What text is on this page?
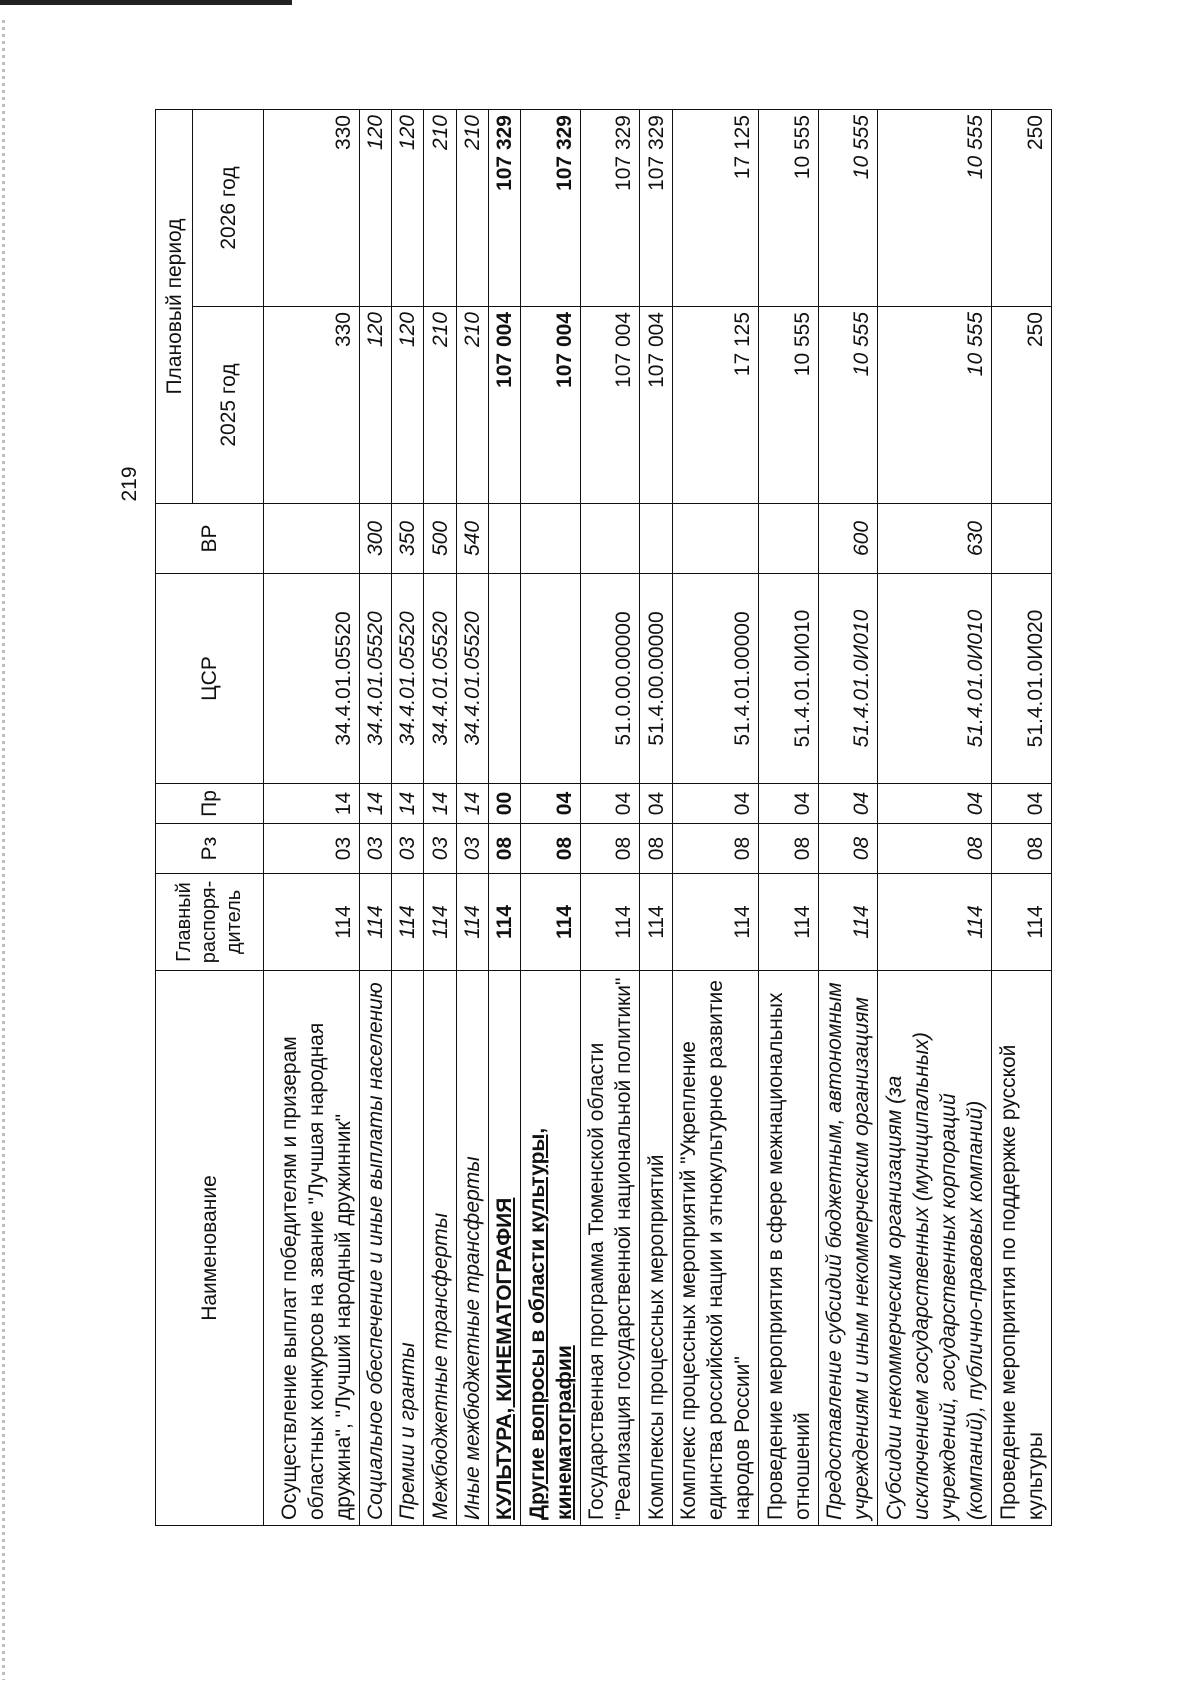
219
Наименование	Главный распоря-дитель	Рз	Пр	ЦСР	ВР	Плановый период	
						2025 год	2026 год
Осуществление выплат победителям и призерам областных конкурсов на звание "Лучшая народная дружина", "Лучший народный дружинник"	114	03	14	34.4.01.05520		330	330
Социальное обеспечение и иные выплаты населению	114	03	14	34.4.01.05520	300	120	120
Премии и гранты	114	03	14	34.4.01.05520	350	120	120
Межбюджетные трансферты	114	03	14	34.4.01.05520	500	210	210
Иные межбюджетные трансферты	114	03	14	34.4.01.05520	540	210	210
КУЛЬТУРА, КИНЕМАТОГРАФИЯ	114	08	00			107 004	107 329
Другие вопросы в области культуры, кинематографии	114	08	04			107 004	107 329
Государственная программа Тюменской области "Реализация государственной национальной политики"	114	08	04	51.0.00.00000		107 004	107 329
Комплексы процессных мероприятий	114	08	04	51.4.00.00000		107 004	107 329
Комплекс процессных мероприятий "Укрепление единства российской нации и этнокультурное развитие народов России"	114	08	04	51.4.01.00000		17 125	17 125
Проведение мероприятия в сфере межнациональных отношений	114	08	04	51.4.01.0И010		10 555	10 555
Предоставление субсидий бюджетным, автономным учреждениям и иным некоммерческим организациям	114	08	04	51.4.01.0И010	600	10 555	10 555
Субсидии некоммерческим организациям (за исключением государственных (муниципальных) учреждений, государственных корпораций (компаний), публично-правовых компаний)	114	08	04	51.4.01.0И010	630	10 555	10 555
Проведение мероприятия по поддержке русской культуры	114	08	04	51.4.01.0И020		250	250
